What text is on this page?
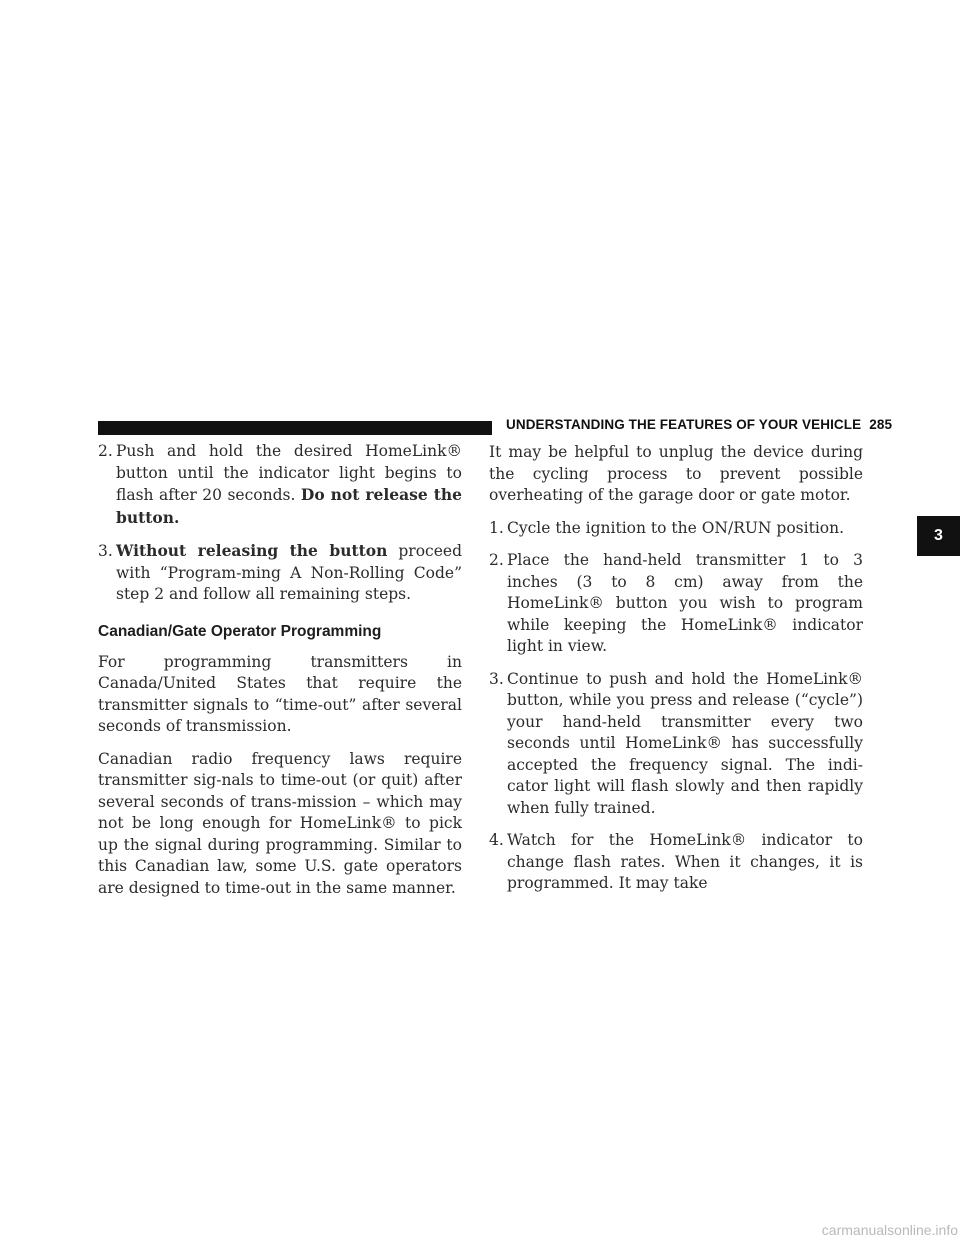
UNDERSTANDING THE FEATURES OF YOUR VEHICLE 285
2. Push and hold the desired HomeLink® button until the indicator light begins to flash after 20 seconds. Do not release the button.
3. Without releasing the button proceed with “Program-ming A Non-Rolling Code” step 2 and follow all remaining steps.
Canadian/Gate Operator Programming

For programming transmitters in Canada/United States that require the transmitter signals to “time-out” after several seconds of transmission.

Canadian radio frequency laws require transmitter sig-nals to time-out (or quit) after several seconds of trans-mission – which may not be long enough for HomeLink® to pick up the signal during programming. Similar to this Canadian law, some U.S. gate operators are designed to time-out in the same manner.

It may be helpful to unplug the device during the cycling process to prevent possible overheating of the garage door or gate motor.

1. Cycle the ignition to the ON/RUN position.
2. Place the hand-held transmitter 1 to 3 inches (3 to 8 cm) away from the HomeLink® button you wish to program while keeping the HomeLink® indicator light in view.
3. Continue to push and hold the HomeLink® button, while you press and release (“cycle”) your hand-held transmitter every two seconds until HomeLink® has successfully accepted the frequency signal. The indi-cator light will flash slowly and then rapidly when fully trained.
4. Watch for the HomeLink® indicator to change flash rates. When it changes, it is programmed. It may take
3
carmanualsonline.info
